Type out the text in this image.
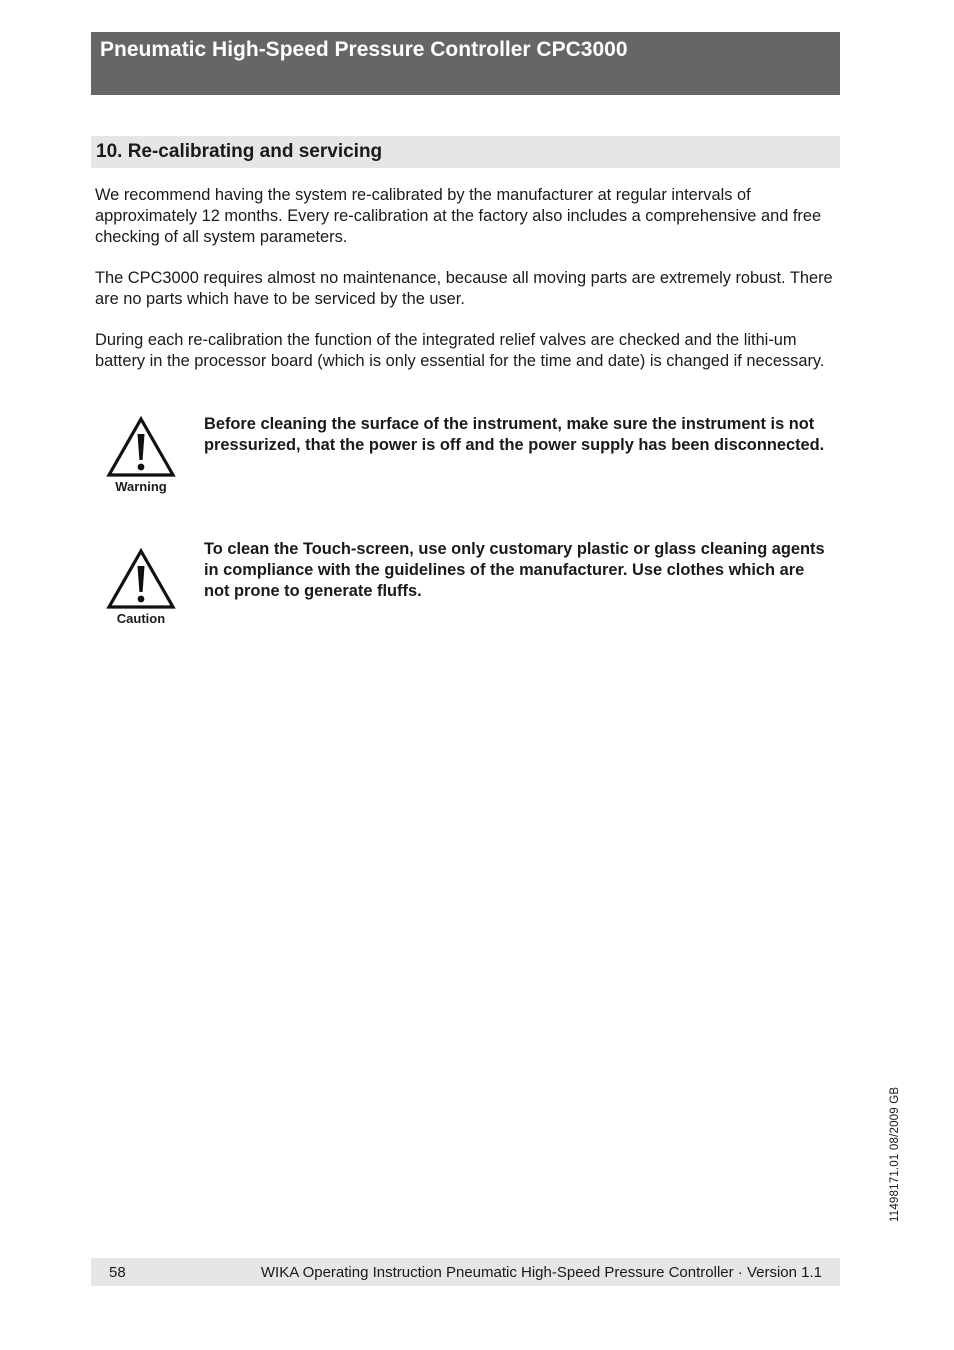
Pneumatic High-Speed Pressure Controller CPC3000
10. Re-calibrating and servicing

We recommend having the system re-calibrated by the manufacturer at regular intervals of approximately 12 months. Every re-calibration at the factory also includes a comprehensive and free checking of all system parameters.

The CPC3000 requires almost no maintenance, because all moving parts are extremely robust. There are no parts which have to be serviced by the user.

During each re-calibration the function of the integrated relief valves are checked and the lithi-um battery in the processor board (which is only essential for the time and date) is changed if necessary.

Warning

Before cleaning the surface of the instrument, make sure the instrument is not pressurized, that the power is off and the power supply has been disconnected.

Caution

To clean the Touch-screen, use only customary plastic or glass cleaning agents in compliance with the guidelines of the manufacturer. Use clothes which are not prone to generate fluffs.

11498171.01 08/2009 GB
58	WIKA Operating Instruction Pneumatic High-Speed Pressure Controller · Version 1.1
